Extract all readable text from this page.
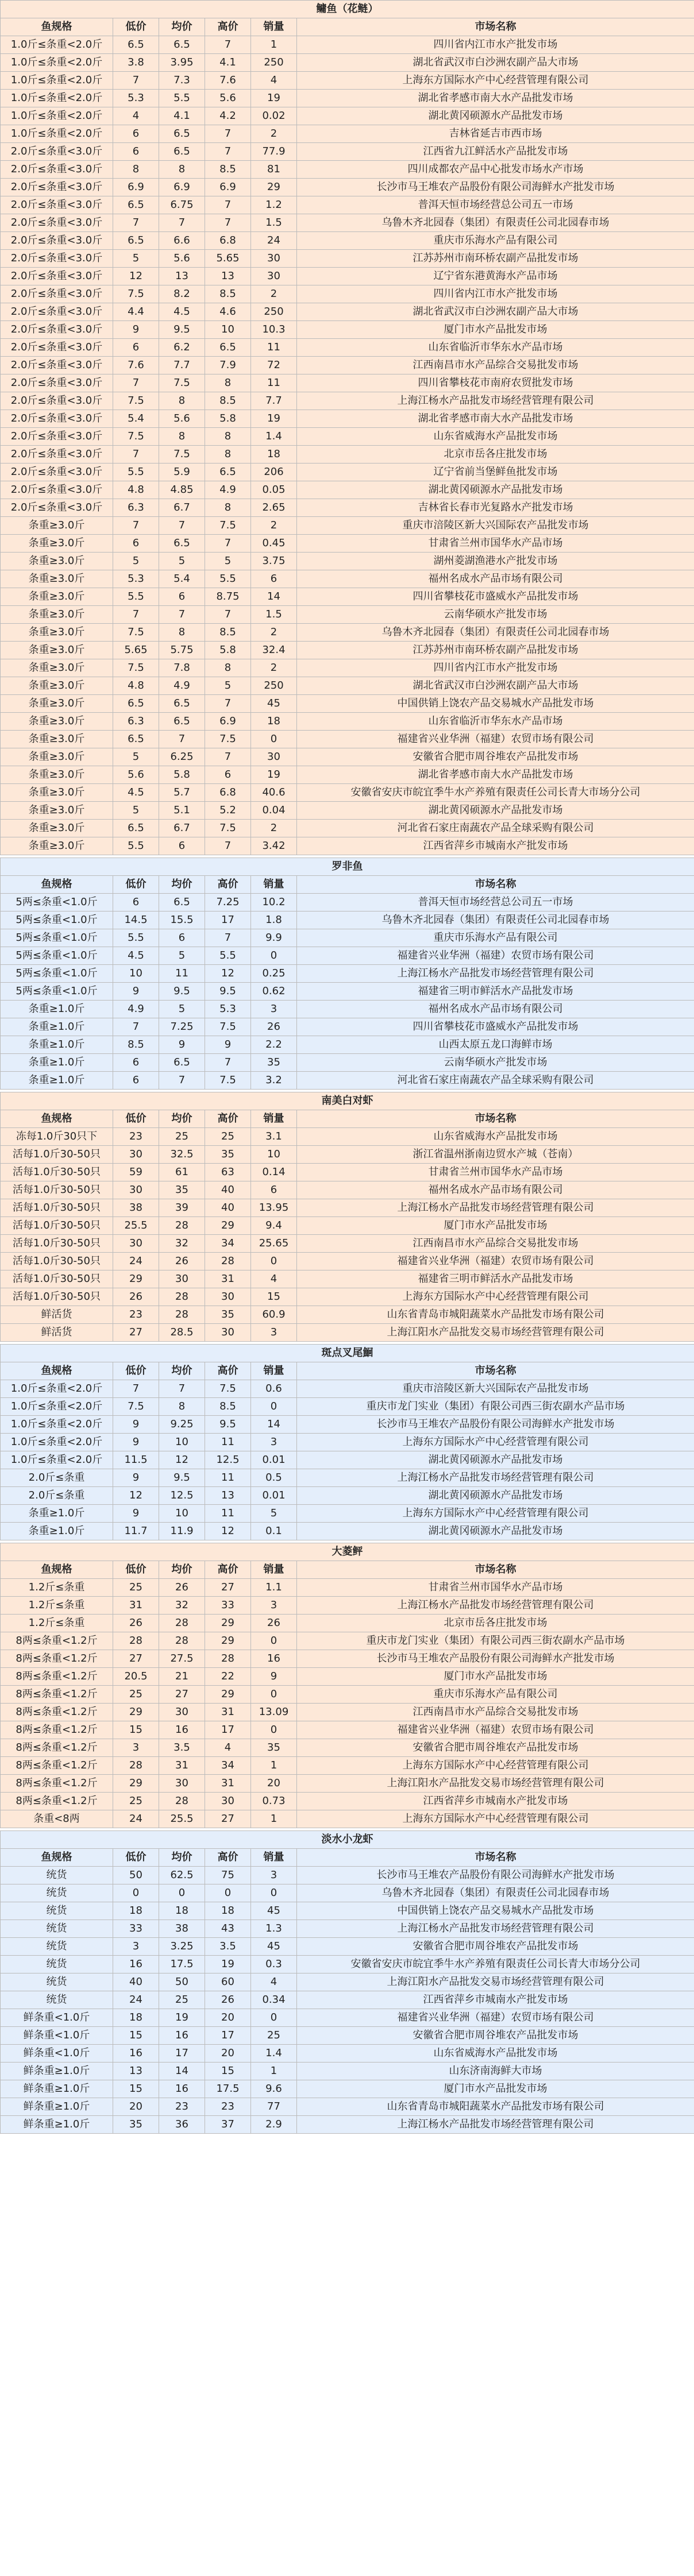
鳙鱼（花鲢）					
鱼规格	低价	均价	高价	销量	市场名称
1.0斤≤条重<2.0斤	6.5	6.5	7	1	四川省内江市水产批发市场
1.0斤≤条重<2.0斤	3.8	3.95	4.1	250	湖北省武汉市白沙洲农副产品大市场
1.0斤≤条重<2.0斤	7	7.3	7.6	4	上海东方国际水产中心经营管理有限公司
1.0斤≤条重<2.0斤	5.3	5.5	5.6	19	湖北省孝感市南大水产品批发市场
1.0斤≤条重<2.0斤	4	4.1	4.2	0.02	湖北黄冈硕源水产品批发市场
1.0斤≤条重<2.0斤	6	6.5	7	2	吉林省延吉市西市场
2.0斤≤条重<3.0斤	6	6.5	7	77.9	江西省九江鲜活水产品批发市场
2.0斤≤条重<3.0斤	8	8	8.5	81	四川成都农产品中心批发市场水产市场
2.0斤≤条重<3.0斤	6.9	6.9	6.9	29	长沙市马王堆农产品股份有限公司海鲜水产批发市场
2.0斤≤条重<3.0斤	6.5	6.75	7	1.2	普洱天恒市场经营总公司五一市场
2.0斤≤条重<3.0斤	7	7	7	1.5	乌鲁木齐北园春（集团）有限责任公司北园春市场
2.0斤≤条重<3.0斤	6.5	6.6	6.8	24	重庆市乐海水产品有限公司
2.0斤≤条重<3.0斤	5	5.6	5.65	30	江苏苏州市南环桥农副产品批发市场
2.0斤≤条重<3.0斤	12	13	13	30	辽宁省东港黄海水产品市场
2.0斤≤条重<3.0斤	7.5	8.2	8.5	2	四川省内江市水产批发市场
2.0斤≤条重<3.0斤	4.4	4.5	4.6	250	湖北省武汉市白沙洲农副产品大市场
2.0斤≤条重<3.0斤	9	9.5	10	10.3	厦门市水产品批发市场
2.0斤≤条重<3.0斤	6	6.2	6.5	11	山东省临沂市华东水产品市场
2.0斤≤条重<3.0斤	7.6	7.7	7.9	72	江西南昌市水产品综合交易批发市场
2.0斤≤条重<3.0斤	7	7.5	8	11	四川省攀枝花市南府农贸批发市场
2.0斤≤条重<3.0斤	7.5	8	8.5	7.7	上海江杨水产品批发市场经营管理有限公司
2.0斤≤条重<3.0斤	5.4	5.6	5.8	19	湖北省孝感市南大水产品批发市场
2.0斤≤条重<3.0斤	7.5	8	8	1.4	山东省威海水产品批发市场
2.0斤≤条重<3.0斤	7	7.5	8	18	北京市岳各庄批发市场
2.0斤≤条重<3.0斤	5.5	5.9	6.5	206	辽宁省前当堡鲜鱼批发市场
2.0斤≤条重<3.0斤	4.8	4.85	4.9	0.05	湖北黄冈硕源水产品批发市场
2.0斤≤条重<3.0斤	6.3	6.7	8	2.65	吉林省长春市光复路水产批发市场
条重≥3.0斤	7	7	7.5	2	重庆市涪陵区新大兴国际农产品批发市场
条重≥3.0斤	6	6.5	7	0.45	甘肃省兰州市国华水产品市场
条重≥3.0斤	5	5	5	3.75	湖州菱湖渔港水产批发市场
条重≥3.0斤	5.3	5.4	5.5	6	福州名成水产品市场有限公司
条重≥3.0斤	5.5	6	8.75	14	四川省攀枝花市盛威水产品批发市场
条重≥3.0斤	7	7	7	1.5	云南华硕水产批发市场
条重≥3.0斤	7.5	8	8.5	2	乌鲁木齐北园春（集团）有限责任公司北园春市场
条重≥3.0斤	5.65	5.75	5.8	32.4	江苏苏州市南环桥农副产品批发市场
条重≥3.0斤	7.5	7.8	8	2	四川省内江市水产批发市场
条重≥3.0斤	4.8	4.9	5	250	湖北省武汉市白沙洲农副产品大市场
条重≥3.0斤	6.5	6.5	7	45	中国供销上饶农产品交易城水产品批发市场
条重≥3.0斤	6.3	6.5	6.9	18	山东省临沂市华东水产品市场
条重≥3.0斤	6.5	7	7.5	0	福建省兴业华洲（福建）农贸市场有限公司
条重≥3.0斤	5	6.25	7	30	安徽省合肥市周谷堆农产品批发市场
条重≥3.0斤	5.6	5.8	6	19	湖北省孝感市南大水产品批发市场
条重≥3.0斤	4.5	5.7	6.8	40.6	安徽省安庆市皖宜季牛水产养殖有限责任公司长青大市场分公司
条重≥3.0斤	5	5.1	5.2	0.04	湖北黄冈硕源水产品批发市场
条重≥3.0斤	6.5	6.7	7.5	2	河北省石家庄南蔬农产品全球采购有限公司
条重≥3.0斤	5.5	6	7	3.42	江西省萍乡市城南水产批发市场
罗非鱼					
鱼规格	低价	均价	高价	销量	市场名称
5两≤条重<1.0斤	6	6.5	7.25	10.2	普洱天恒市场经营总公司五一市场
5两≤条重<1.0斤	14.5	15.5	17	1.8	乌鲁木齐北园春（集团）有限责任公司北园春市场
5两≤条重<1.0斤	5.5	6	7	9.9	重庆市乐海水产品有限公司
5两≤条重<1.0斤	4.5	5	5.5	0	福建省兴业华洲（福建）农贸市场有限公司
5两≤条重<1.0斤	10	11	12	0.25	上海江杨水产品批发市场经营管理有限公司
5两≤条重<1.0斤	9	9.5	9.5	0.62	福建省三明市鲜活水产品批发市场
条重≥1.0斤	4.9	5	5.3	3	福州名成水产品市场有限公司
条重≥1.0斤	7	7.25	7.5	26	四川省攀枝花市盛威水产品批发市场
条重≥1.0斤	8.5	9	9	2.2	山西太原五龙口海鲜市场
条重≥1.0斤	6	6.5	7	35	云南华硕水产批发市场
条重≥1.0斤	6	7	7.5	3.2	河北省石家庄南蔬农产品全球采购有限公司
南美白对虾					
鱼规格	低价	均价	高价	销量	市场名称
冻每1.0斤30只下	23	25	25	3.1	山东省威海水产品批发市场
活每1.0斤30-50只	30	32.5	35	10	浙江省温州浙南边贸水产城（苍南）
活每1.0斤30-50只	59	61	63	0.14	甘肃省兰州市国华水产品市场
活每1.0斤30-50只	30	35	40	6	福州名成水产品市场有限公司
活每1.0斤30-50只	38	39	40	13.95	上海江杨水产品批发市场经营管理有限公司
活每1.0斤30-50只	25.5	28	29	9.4	厦门市水产品批发市场
活每1.0斤30-50只	30	32	34	25.65	江西南昌市水产品综合交易批发市场
活每1.0斤30-50只	24	26	28	0	福建省兴业华洲（福建）农贸市场有限公司
活每1.0斤30-50只	29	30	31	4	福建省三明市鲜活水产品批发市场
活每1.0斤30-50只	26	28	30	15	上海东方国际水产中心经营管理有限公司
鲜活货	23	28	35	60.9	山东省青岛市城阳蔬菜水产品批发市场有限公司
鲜活货	27	28.5	30	3	上海江阳水产品批发交易市场经营管理有限公司
斑点叉尾鮰					
鱼规格	低价	均价	高价	销量	市场名称
1.0斤≤条重<2.0斤	7	7	7.5	0.6	重庆市涪陵区新大兴国际农产品批发市场
1.0斤≤条重<2.0斤	7.5	8	8.5	0	重庆市龙门实业（集团）有限公司西三街农副水产品市场
1.0斤≤条重<2.0斤	9	9.25	9.5	14	长沙市马王堆农产品股份有限公司海鲜水产批发市场
1.0斤≤条重<2.0斤	9	10	11	3	上海东方国际水产中心经营管理有限公司
1.0斤≤条重<2.0斤	11.5	12	12.5	0.01	湖北黄冈硕源水产品批发市场
2.0斤≤条重	9	9.5	11	0.5	上海江杨水产品批发市场经营管理有限公司
2.0斤≤条重	12	12.5	13	0.01	湖北黄冈硕源水产品批发市场
条重≥1.0斤	9	10	11	5	上海东方国际水产中心经营管理有限公司
条重≥1.0斤	11.7	11.9	12	0.1	湖北黄冈硕源水产品批发市场
大菱鲆					
鱼规格	低价	均价	高价	销量	市场名称
1.2斤≤条重	25	26	27	1.1	甘肃省兰州市国华水产品市场
1.2斤≤条重	31	32	33	3	上海江杨水产品批发市场经营管理有限公司
1.2斤≤条重	26	28	29	26	北京市岳各庄批发市场
8两≤条重<1.2斤	28	28	29	0	重庆市龙门实业（集团）有限公司西三街农副水产品市场
8两≤条重<1.2斤	27	27.5	28	16	长沙市马王堆农产品股份有限公司海鲜水产批发市场
8两≤条重<1.2斤	20.5	21	22	9	厦门市水产品批发市场
8两≤条重<1.2斤	25	27	29	0	重庆市乐海水产品有限公司
8两≤条重<1.2斤	29	30	31	13.09	江西南昌市水产品综合交易批发市场
8两≤条重<1.2斤	15	16	17	0	福建省兴业华洲（福建）农贸市场有限公司
8两≤条重<1.2斤	3	3.5	4	35	安徽省合肥市周谷堆农产品批发市场
8两≤条重<1.2斤	28	31	34	1	上海东方国际水产中心经营管理有限公司
8两≤条重<1.2斤	29	30	31	20	上海江阳水产品批发交易市场经营管理有限公司
8两≤条重<1.2斤	25	28	30	0.73	江西省萍乡市城南水产批发市场
条重<8两	24	25.5	27	1	上海东方国际水产中心经营管理有限公司
淡水小龙虾					
鱼规格	低价	均价	高价	销量	市场名称
统货	50	62.5	75	3	长沙市马王堆农产品股份有限公司海鲜水产批发市场
统货	0	0	0	0	乌鲁木齐北园春（集团）有限责任公司北园春市场
统货	18	18	18	45	中国供销上饶农产品交易城水产品批发市场
统货	33	38	43	1.3	上海江杨水产品批发市场经营管理有限公司
统货	3	3.25	3.5	45	安徽省合肥市周谷堆农产品批发市场
统货	16	17.5	19	0.3	安徽省安庆市皖宜季牛水产养殖有限责任公司长青大市场分公司
统货	40	50	60	4	上海江阳水产品批发交易市场经营管理有限公司
统货	24	25	26	0.34	江西省萍乡市城南水产批发市场
鲜条重<1.0斤	18	19	20	0	福建省兴业华洲（福建）农贸市场有限公司
鲜条重<1.0斤	15	16	17	25	安徽省合肥市周谷堆农产品批发市场
鲜条重<1.0斤	16	17	20	1.4	山东省威海水产品批发市场
鲜条重≥1.0斤	13	14	15	1	山东济南海鲜大市场
鲜条重≥1.0斤	15	16	17.5	9.6	厦门市水产品批发市场
鲜条重≥1.0斤	20	23	23	77	山东省青岛市城阳蔬菜水产品批发市场有限公司
鲜条重≥1.0斤	35	36	37	2.9	上海江杨水产品批发市场经营管理有限公司
